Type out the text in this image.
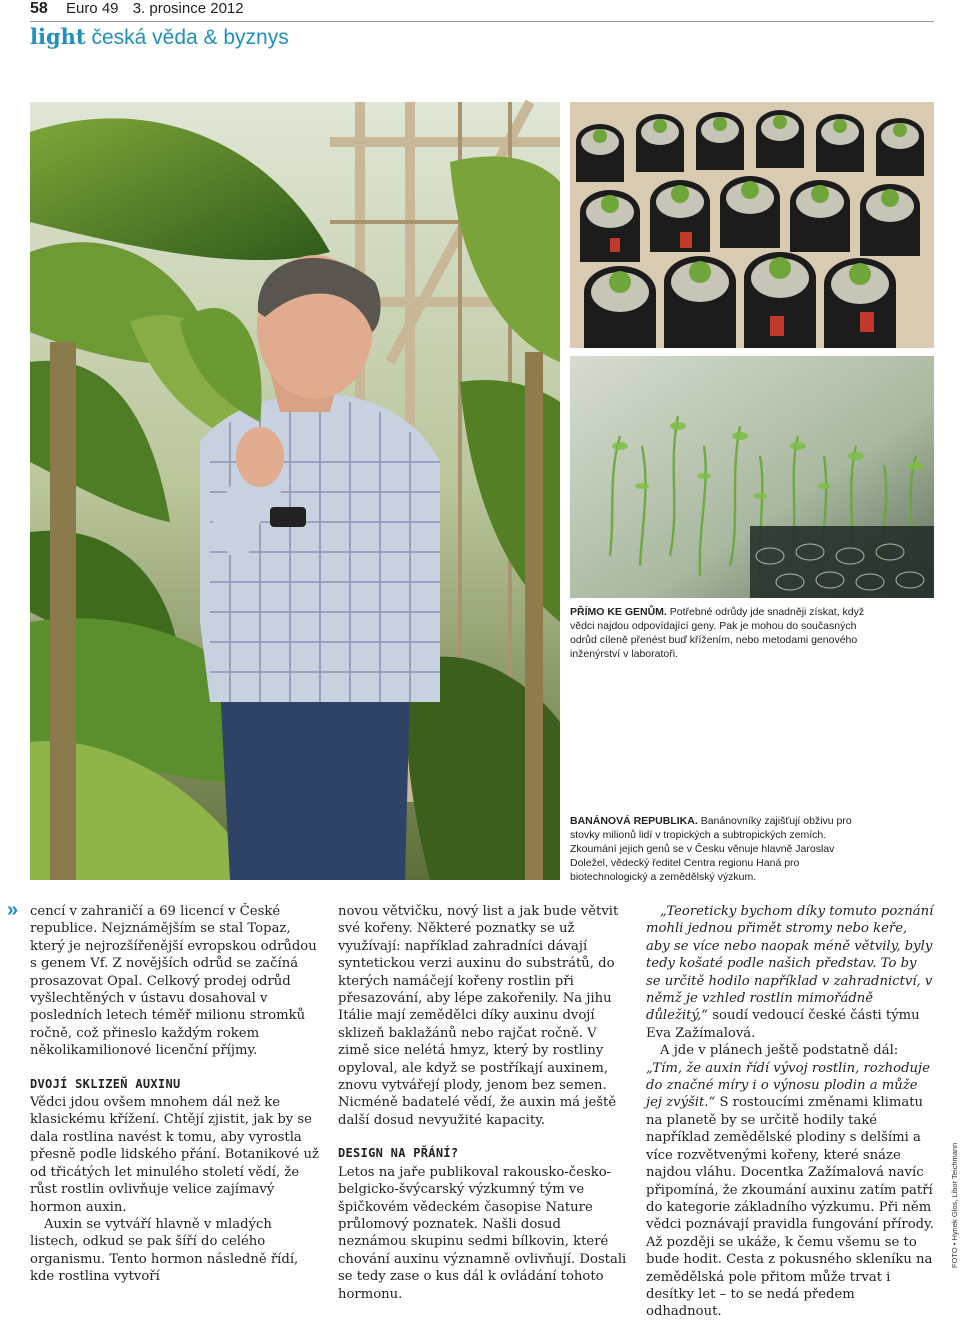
58 Euro 49 3. prosince 2012
light česká věda & byznys
PŘÍMO KE GENŮM. Potřebné odrůdy jde snadněji získat, když vědci najdou odpovídající geny. Pak je mohou do současných odrůd cíleně přenést buď křížením, nebo metodami genového inženýrství v laboratoři.
BANÁNOVÁ REPUBLIKA. Banánovníky zajišťují obživu pro stovky milionů lidí v tropických a subtropických zemích. Zkoumání jejich genů se v Česku věnuje hlavně Jaroslav Doležel, vědecký ředitel Centra regionu Haná pro biotechnologický a zemědělský výzkum.
» cencí v zahraničí a 69 licencí v České republice. Nejznámějším se stal Topaz, který je nejrozšířenější evropskou odrůdou s genem Vf. Z novějších odrůd se začíná prosazovat Opal. Celkový prodej odrůd vyšlechtěných v ústavu dosahoval v posledních letech téměř milionu stromků ročně, což přineslo každým rokem několikamilionové licenční příjmy.

DVOJÍ SKLIZEŇ AUXINU

Vědci jdou ovšem mnohem dál než ke klasickému křížení. Chtějí zjistit, jak by se dala rostlina navést k tomu, aby vyrostla přesně podle lidského přání. Botanikové už od třicátých let minulého století vědí, že růst rostlin ovlivňuje velice zajímavý hormon auxin.

Auxin se vytváří hlavně v mladých listech, odkud se pak šíří do celého organismu. Tento hormon následně řídí, kde rostlina vytvoří

novou větvičku, nový list a jak bude větvit své kořeny. Některé poznatky se už využívají: například zahradníci dávají syntetickou verzi auxinu do substrátů, do kterých namáčejí kořeny rostlin při přesazování, aby lépe zakořenily. Na jihu Itálie mají zemědělci díky auxinu dvojí sklizeň baklažánů nebo rajčat ročně. V zimě sice nelétá hmyz, který by rostliny opyloval, ale když se postříkají auxinem, znovu vytvářejí plody, jenom bez semen. Nicméně badatelé vědí, že auxin má ještě další dosud nevyužité kapacity.

DESIGN NA PŘÁNÍ?

Letos na jaře publikoval rakousko-česko-belgicko-švýcarský výzkumný tým ve špičkovém vědeckém časopise Nature průlomový poznatek. Našli dosud neznámou skupinu sedmi bílkovin, které chování auxinu významně ovlivňují. Dostali se tedy zase o kus dál k ovládání tohoto hormonu.

„Teoreticky bychom díky tomuto poznání mohli jednou přimět stromy nebo keře, aby se více nebo naopak méně větvily, byly tedy košaté podle našich představ. To by se určitě hodilo například v zahradnictví, v němž je vzhled rostlin mimořádně důležitý,“ soudí vedoucí české části týmu Eva Zažímalová.

A jde v plánech ještě podstatně dál: „Tím, že auxin řídí vývoj rostlin, rozhoduje do značné míry i o výnosu plodin a může jej zvýšit.“ S rostoucími změnami klimatu na planetě by se určitě hodily také například zemědělské plodiny s delšími a více rozvětvenými kořeny, které snáze najdou vláhu. Docentka Zažímalová navíc připomíná, že zkoumání auxinu zatím patří do kategorie základního výzkumu. Při něm vědci poznávají pravidla fungování přírody. Až později se ukáže, k čemu všemu se to bude hodit. Cesta z pokusného skleníku na zemědělská pole přitom může trvat i desítky let – to se nedá předem odhadnout.

FOTO • Hynek Glos, Libor Teichmann
